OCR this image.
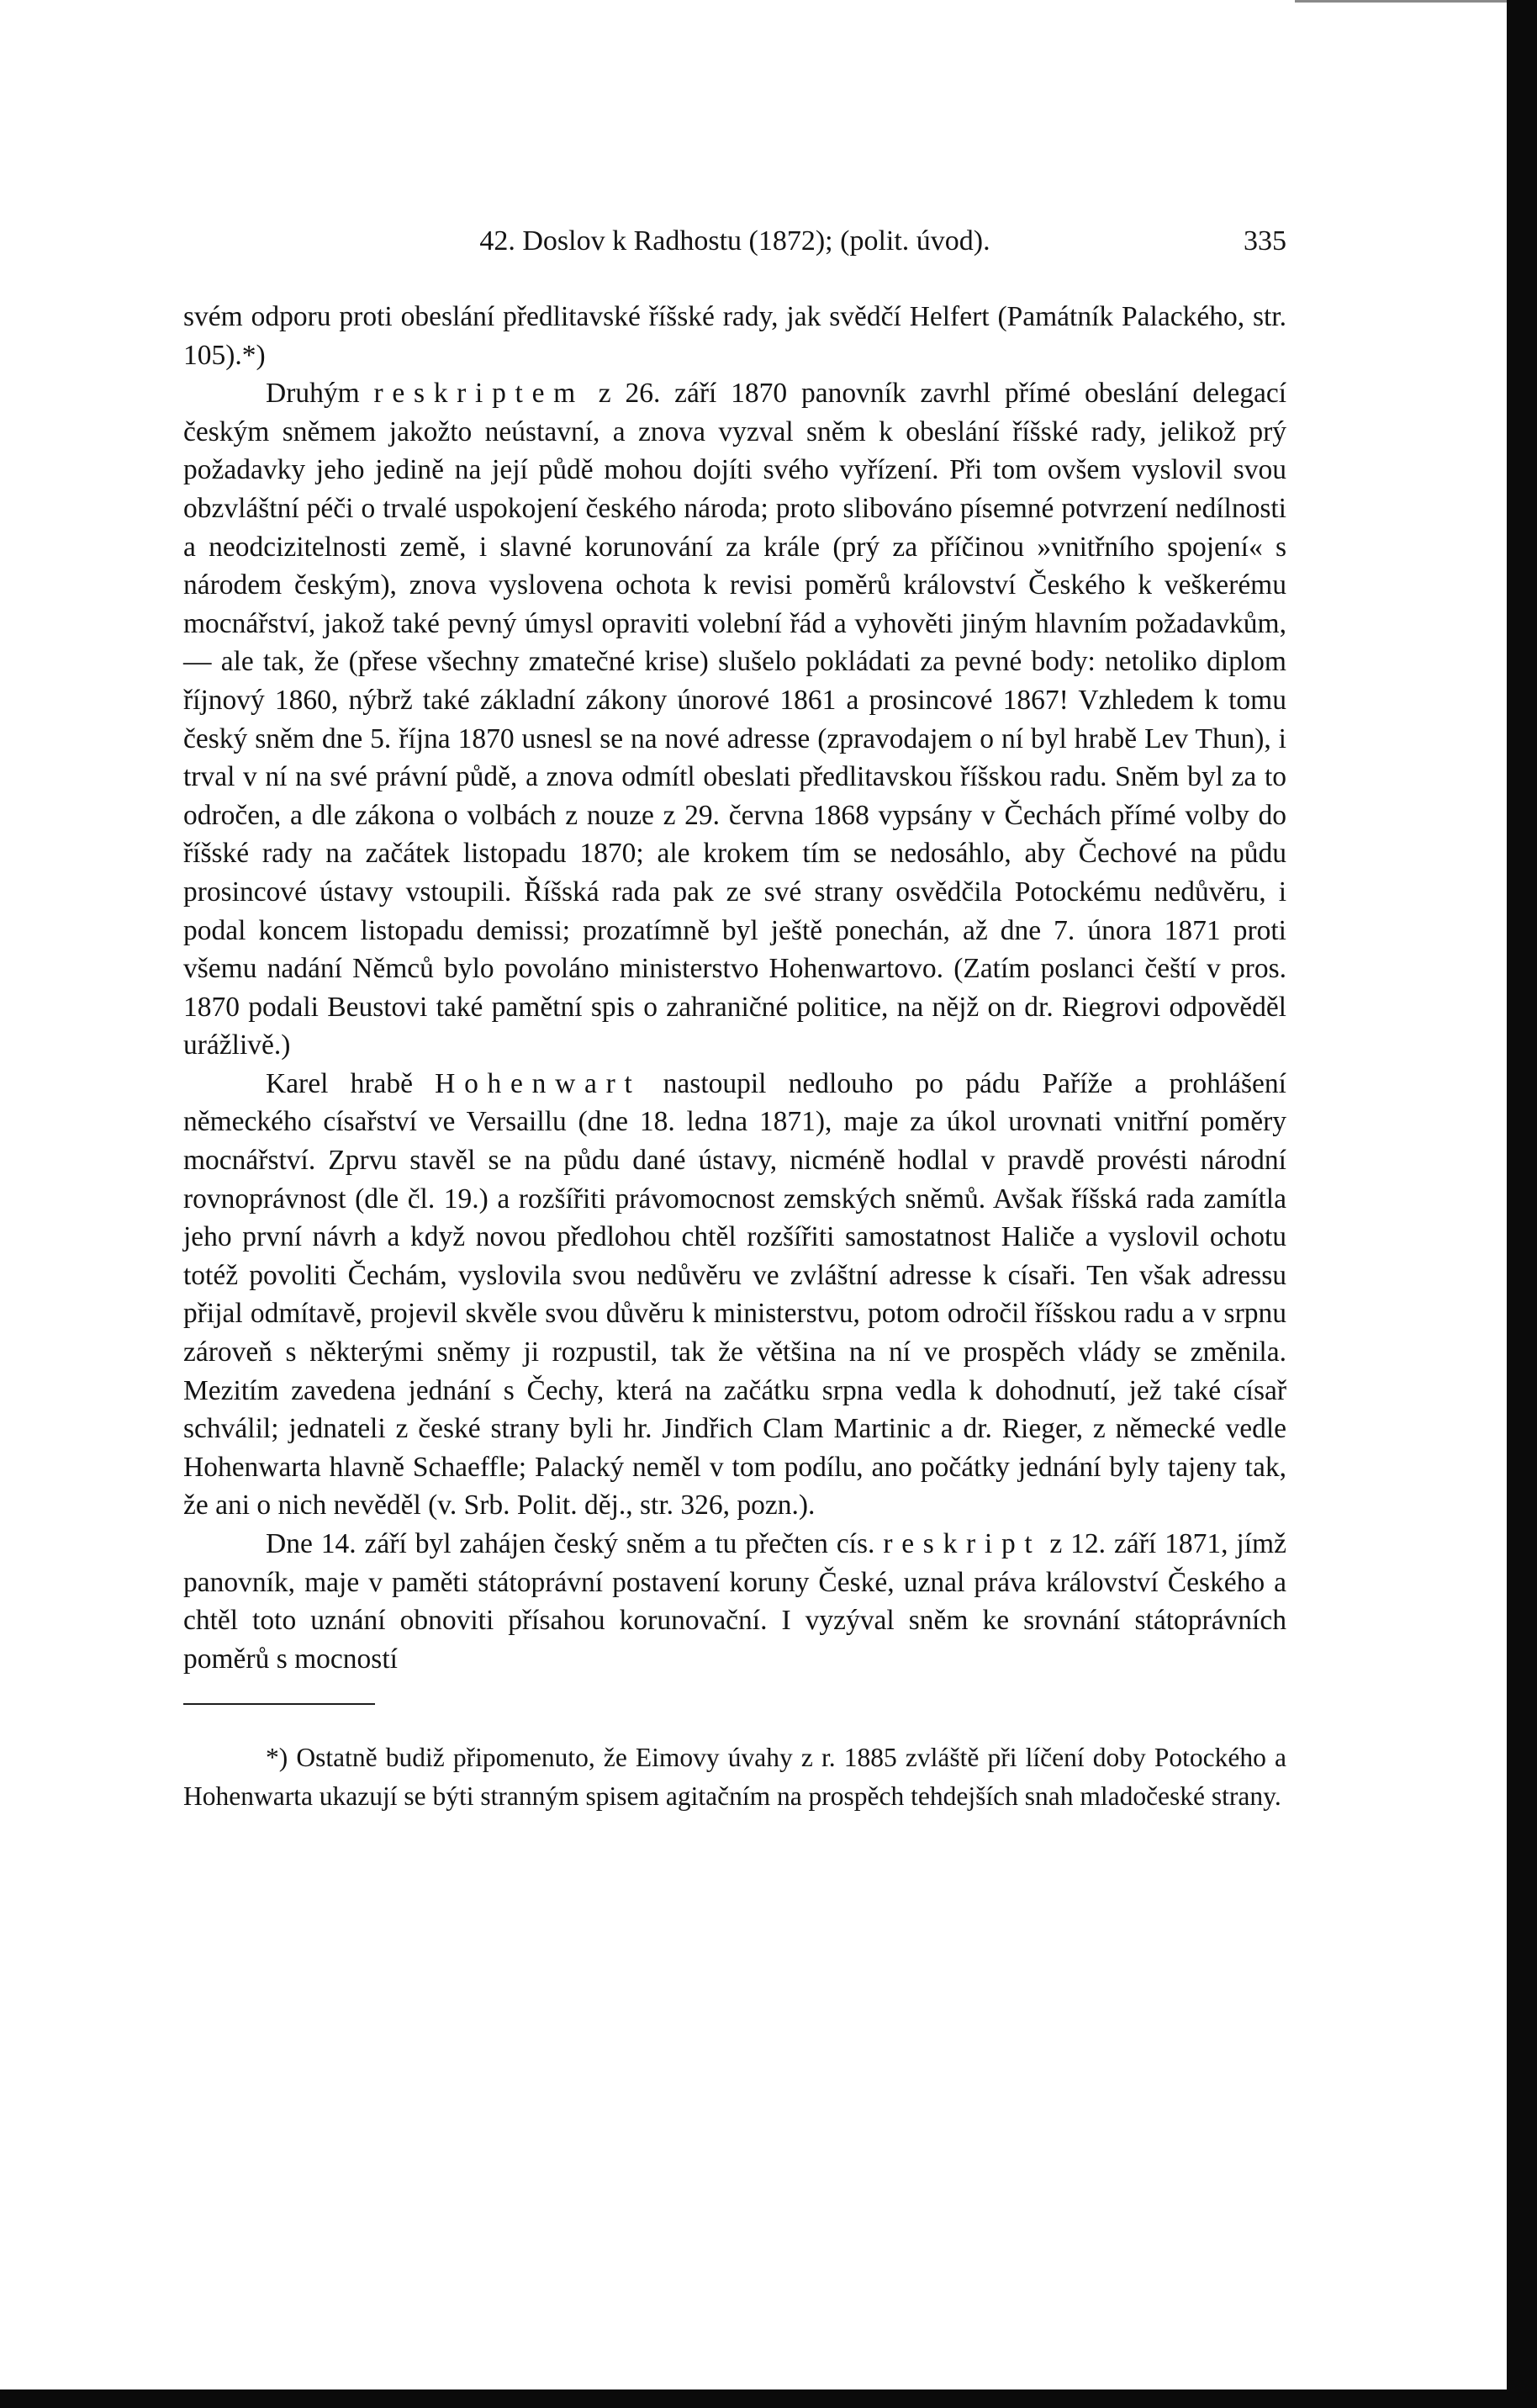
42. Doslov k Radhostu (1872); (polit. úvod).	335

svém odporu proti obeslání předlitavské říšské rady, jak svědčí Helfert (Památník Palackého, str. 105).*)

Druhým reskriptem z 26. září 1870 panovník zavrhl přímé obeslání delegací českým sněmem jakožto neústavní, a znova vyzval sněm k obeslání říšské rady, jelikož prý požadavky jeho jedině na její půdě mohou dojíti svého vyřízení. Při tom ovšem vyslovil svou obzvláštní péči o trvalé uspokojení českého národa; proto slibováno písemné potvrzení nedílnosti a neodcizitelnosti země, i slavné korunování za krále (prý za příčinou »vnitřního spojení« s národem českým), znova vyslovena ochota k revisi poměrů království Českého k veškerému mocnářství, jakož také pevný úmysl opraviti volební řád a vyhověti jiným hlavním požadavkům, — ale tak, že (přese všechny zmatečné krise) slušelo pokládati za pevné body: netoliko diplom říjnový 1860, nýbrž také základní zákony únorové 1861 a prosincové 1867! Vzhledem k tomu český sněm dne 5. října 1870 usnesl se na nové adresse (zpravodajem o ní byl hrabě Lev Thun), i trval v ní na své právní půdě, a znova odmítl obeslati předlitavskou říšskou radu. Sněm byl za to odročen, a dle zákona o volbách z nouze z 29. června 1868 vypsány v Čechách přímé volby do říšské rady na začátek listopadu 1870; ale krokem tím se nedosáhlo, aby Čechové na půdu prosincové ústavy vstoupili. Říšská rada pak ze své strany osvědčila Potockému nedůvěru, i podal koncem listopadu demissi; prozatímně byl ještě ponechán, až dne 7. února 1871 proti všemu nadání Němců bylo povoláno ministerstvo Hohenwartovo. (Zatím poslanci čeští v pros. 1870 podali Beustovi také pamětní spis o zahraničné politice, na nějž on dr. Riegrovi odpověděl urážlivě.)

Karel hrabě Hohenwart nastoupil nedlouho po pádu Paříže a prohlášení německého císařství ve Versaillu (dne 18. ledna 1871), maje za úkol urovnati vnitřní poměry mocnářství. Zprvu stavěl se na půdu dané ústavy, nicméně hodlal v pravdě provésti národní rovnoprávnost (dle čl. 19.) a rozšířiti právomocnost zemských sněmů. Avšak říšská rada zamítla jeho první návrh a když novou předlohou chtěl rozšířiti samostatnost Haliče a vyslovil ochotu totéž povoliti Čechám, vyslovila svou nedůvěru ve zvláštní adresse k císaři. Ten však adressu přijal odmítavě, projevil skvěle svou důvěru k ministerstvu, potom odročil říšskou radu a v srpnu zároveň s některými sněmy ji rozpustil, tak že většina na ní ve prospěch vlády se změnila. Mezitím zavedena jednání s Čechy, která na začátku srpna vedla k dohodnutí, jež také císař schválil; jednateli z české strany byli hr. Jindřich Clam Martinic a dr. Rieger, z německé vedle Hohenwarta hlavně Schaeffle; Palacký neměl v tom podílu, ano počátky jednání byly tajeny tak, že ani o nich nevěděl (v. Srb. Polit. děj., str. 326, pozn.).

Dne 14. září byl zahájen český sněm a tu přečten cís. reskript z 12. září 1871, jímž panovník, maje v paměti státoprávní postavení koruny České, uznal práva království Českého a chtěl toto uznání obnoviti přísahou korunovační. I vyzýval sněm ke srovnání státoprávních poměrů s mocností

*) Ostatně budiž připomenuto, že Eimovy úvahy z r. 1885 zvláště při líčení doby Potockého a Hohenwarta ukazují se býti stranným spisem agitačním na prospěch tehdejších snah mladočeské strany.
